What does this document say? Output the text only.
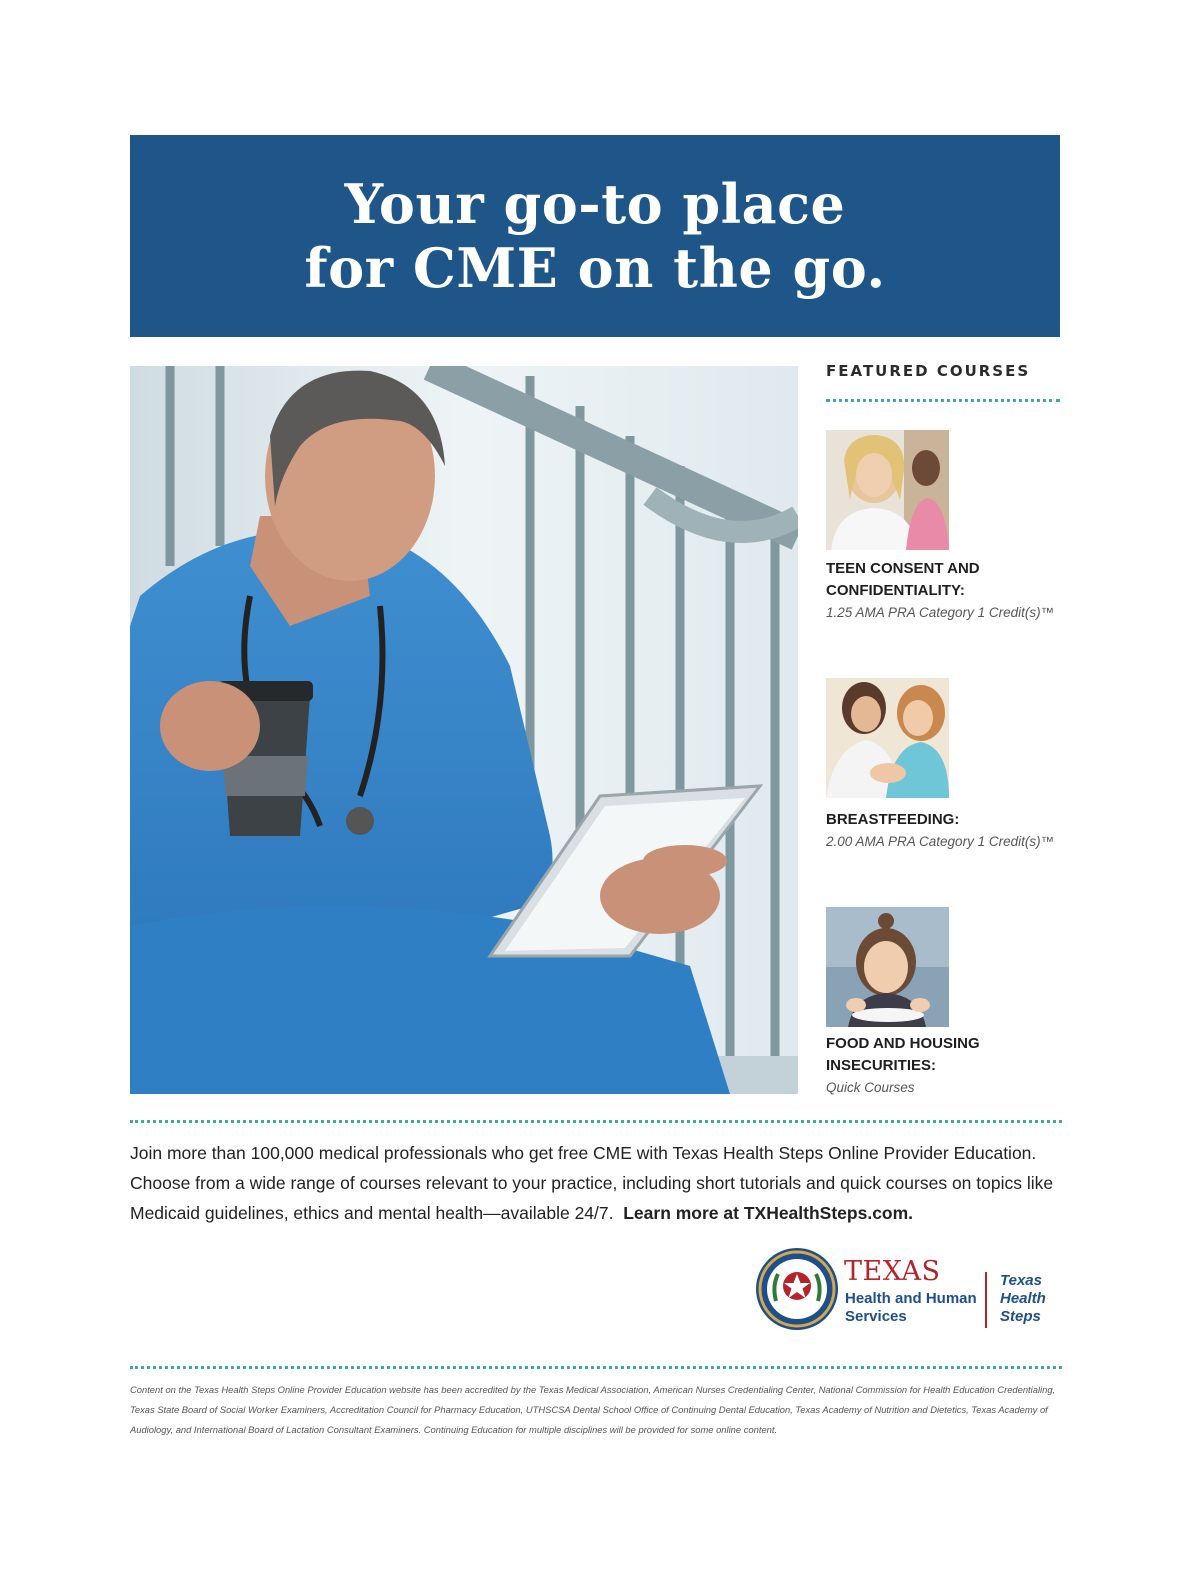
Your go-to place
for CME on the go.
FEATURED COURSES
TEEN CONSENT AND
CONFIDENTIALITY:
1.25 AMA PRA Category 1 Credit(s)™
BREASTFEEDING:
2.00 AMA PRA Category 1 Credit(s)™
FOOD AND HOUSING
INSECURITIES:
Quick Courses
Join more than 100,000 medical professionals who get free CME with Texas Health Steps Online Provider Education. Choose from a wide range of courses relevant to your practice, including short tutorials and quick courses on topics like Medicaid guidelines, ethics and mental health—available 24/7. Learn more at TXHealthSteps.com.
TEXAS
Health and Human
Services
Texas
Health
Steps
Content on the Texas Health Steps Online Provider Education website has been accredited by the Texas Medical Association, American Nurses Credentialing Center, National Commission for Health Education Credentialing, Texas State Board of Social Worker Examiners, Accreditation Council for Pharmacy Education, UTHSCSA Dental School Office of Continuing Dental Education, Texas Academy of Nutrition and Dietetics, Texas Academy of Audiology, and International Board of Lactation Consultant Examiners. Continuing Education for multiple disciplines will be provided for some online content.
